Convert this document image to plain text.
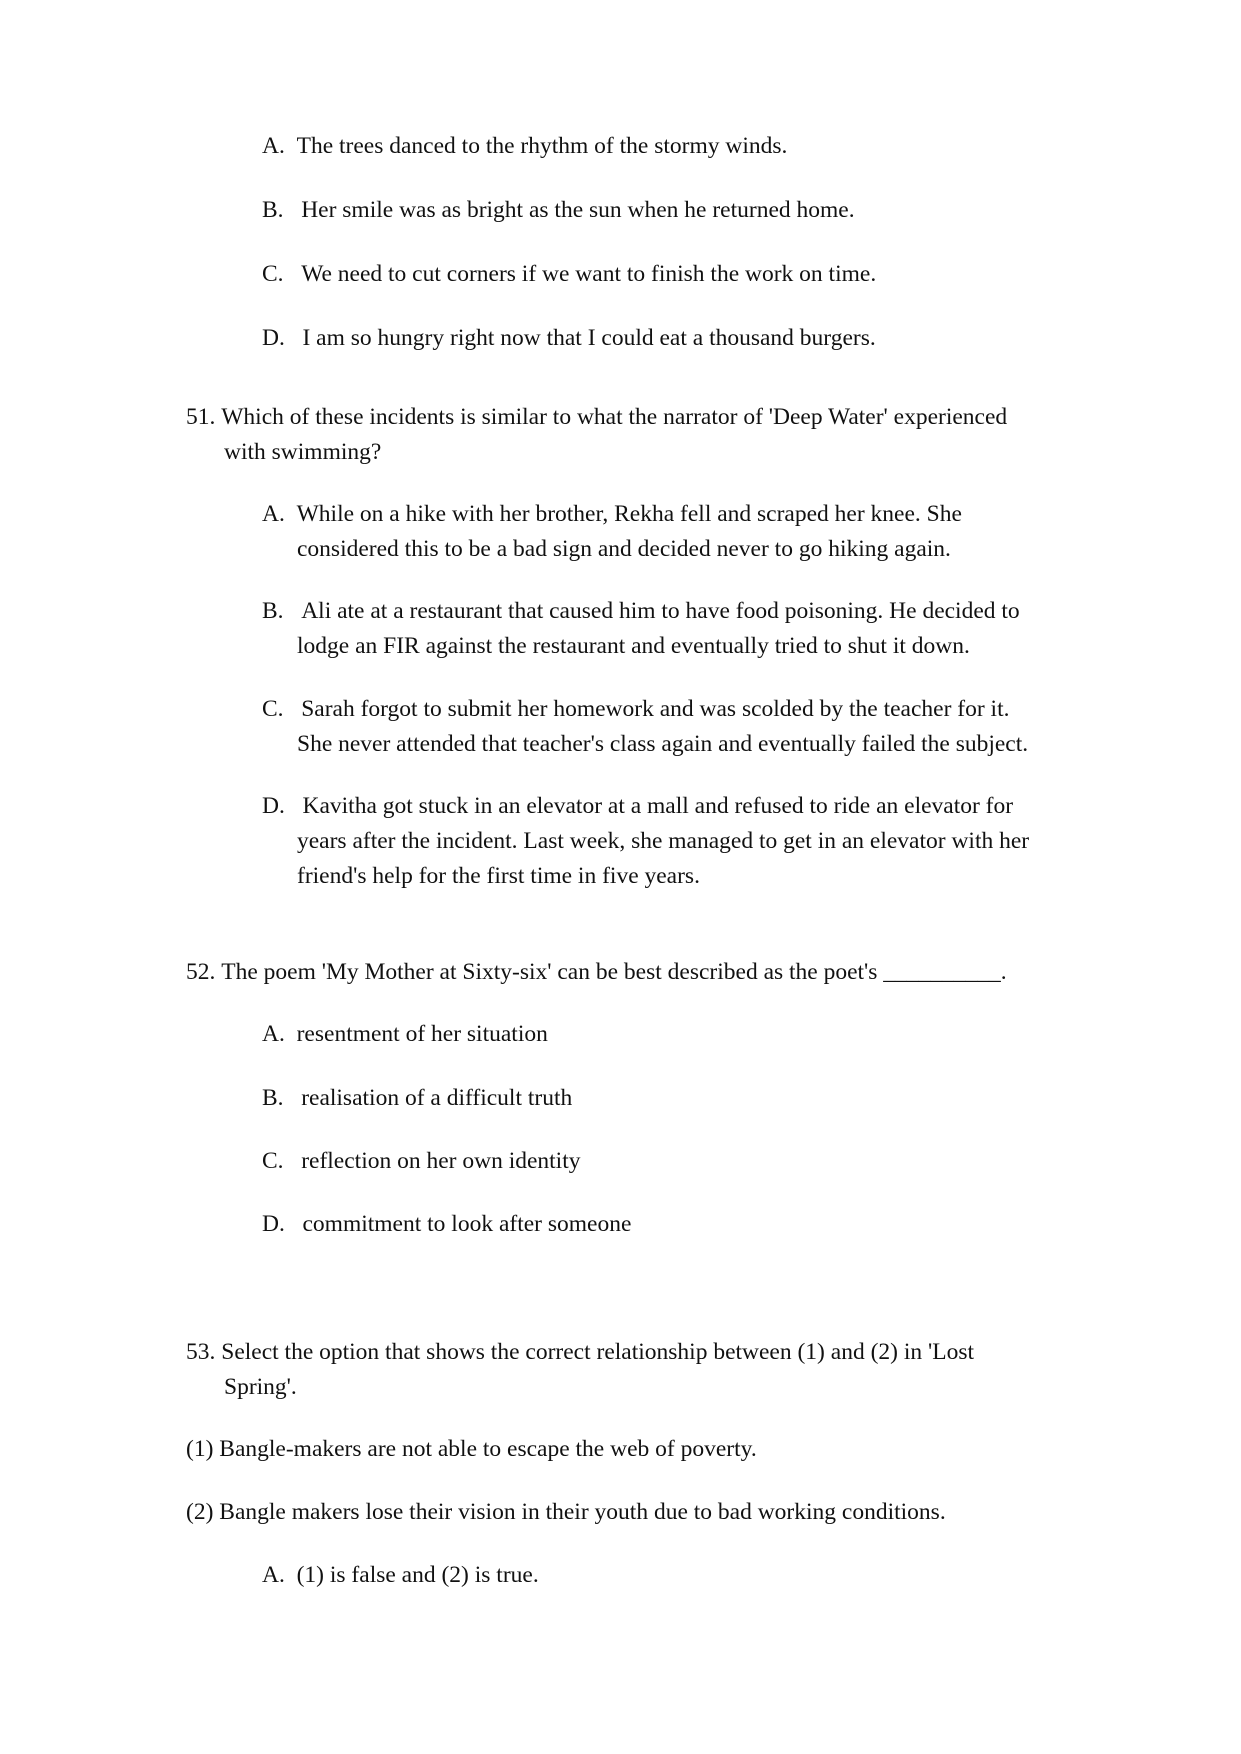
A. The trees danced to the rhythm of the stormy winds.
B. Her smile was as bright as the sun when he returned home.
C. We need to cut corners if we want to finish the work on time.
D. I am so hungry right now that I could eat a thousand burgers.
51. Which of these incidents is similar to what the narrator of 'Deep Water' experienced
with swimming?
A. While on a hike with her brother, Rekha fell and scraped her knee. She
considered this to be a bad sign and decided never to go hiking again.
B. Ali ate at a restaurant that caused him to have food poisoning. He decided to
lodge an FIR against the restaurant and eventually tried to shut it down.
C. Sarah forgot to submit her homework and was scolded by the teacher for it.
She never attended that teacher's class again and eventually failed the subject.
D. Kavitha got stuck in an elevator at a mall and refused to ride an elevator for
years after the incident. Last week, she managed to get in an elevator with her
friend's help for the first time in five years.
52. The poem 'My Mother at Sixty-six' can be best described as the poet's __________.
A. resentment of her situation
B. realisation of a difficult truth
C. reflection on her own identity
D. commitment to look after someone
53. Select the option that shows the correct relationship between (1) and (2) in 'Lost
Spring'.
(1) Bangle-makers are not able to escape the web of poverty.
(2) Bangle makers lose their vision in their youth due to bad working conditions.
A. (1) is false and (2) is true.
